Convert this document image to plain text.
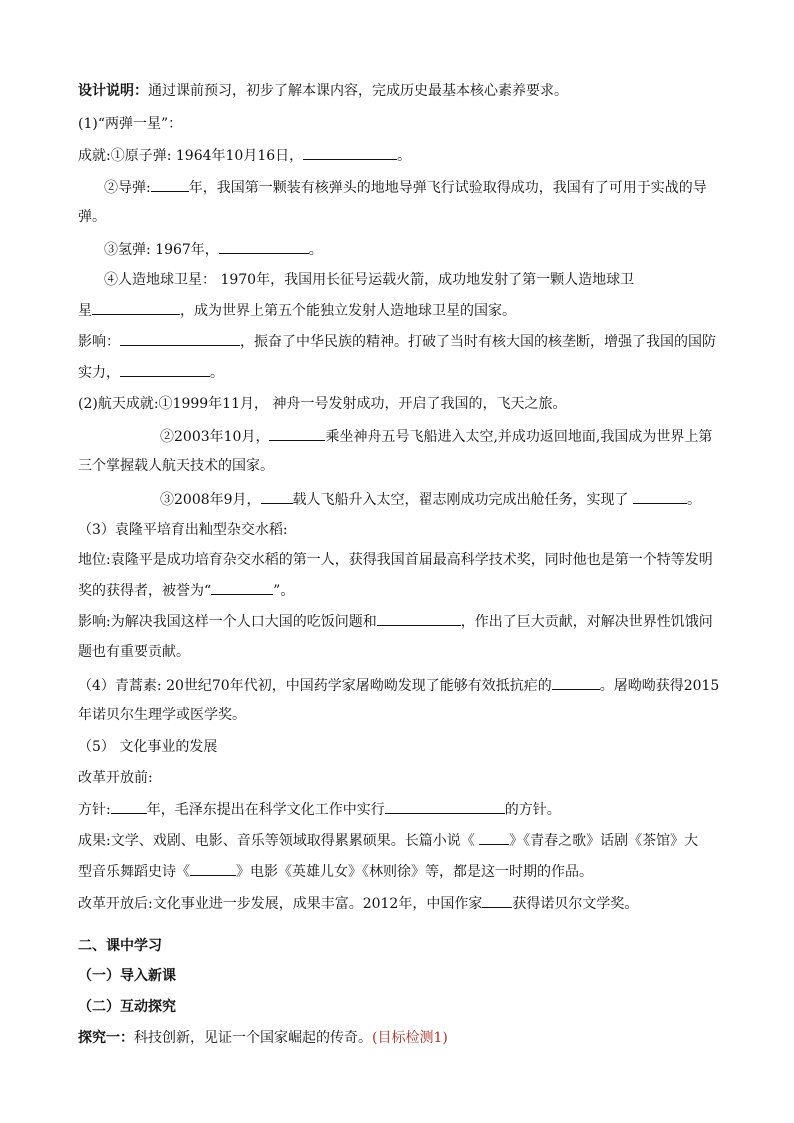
设计说明：通过课前预习，初步了解本课内容，完成历史最基本核心素养要求。
(1)“两弹一星”：
成就:①原子弹: 1964年10月16日，	。
②导弹:	年，我国第一颗装有核弹头的地地导弹飞行试验取得成功，我国有了可用于实战的导
弹。
③氢弹: 1967年，	。
④人造地球卫星： 1970年，我国用长征号运载火箭，成功地发射了第一颗人造地球卫
星	，成为世界上第五个能独立发射人造地球卫星的国家。
影响：	，振奋了中华民族的精神。打破了当时有核大国的核垄断，增强了我国的国防
实力，	。
(2)航天成就:①1999年11月， 神舟一号发射成功，开启了我国的，飞天之旅。
②2003年10月，	乘坐神舟五号飞船进入太空,并成功返回地面,我国成为世界上第
三个掌握载人航天技术的国家。
③2008年9月， 载人飞船升入太空，翟志刚成功完成出舱任务，实现了	。
（3）袁隆平培育出籼型杂交水稻:
地位:袁隆平是成功培育杂交水稻的第一人，获得我国首届最高科学技术奖，同时他也是第一个特等发明
奖的获得者，被誉为“	”。
影响:为解决我国这样一个人口大国的吃饭问题和	，作出了巨大贡献，对解决世界性饥饿问
题也有重要贡献。
（4）青蒿素: 20世纪70年代初，中国药学家屠呦呦发现了能够有效抵抗疟的	。屠呦呦获得2015
年诺贝尔生理学或医学奖。
（5） 文化事业的发展
改革开放前:
方针:	年，毛泽东提出在科学文化工作中实行	的方针。
成果:文学、戏剧、电影、音乐等领域取得累累硕果。长篇小说《 》《青春之歌》话剧《茶馆》大
型音乐舞蹈史诗《	》电影《英雄儿女》《林则徐》等，都是这一时期的作品。
改革开放后:文化事业进一步发展，成果丰富。2012年，中国作家 获得诺贝尔文学奖。
二、课中学习
（一）导入新课
（二）互动探究
探究一：科技创新，见证一个国家崛起的传奇。(目标检测1)
